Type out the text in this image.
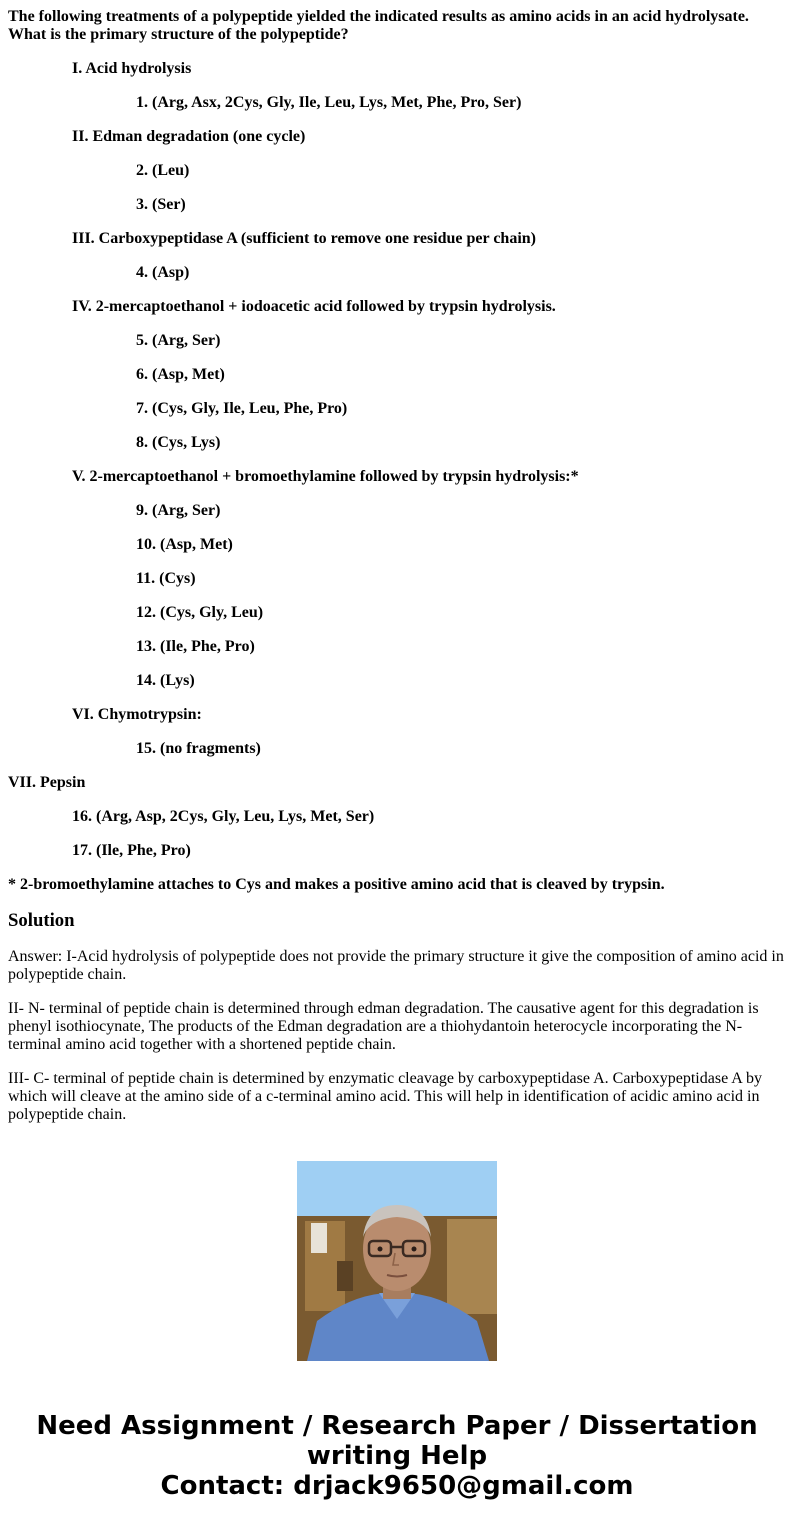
The following treatments of a polypeptide yielded the indicated results as amino acids in an acid hydrolysate. What is the primary structure of the polypeptide?
I. Acid hydrolysis
1. (Arg, Asx, 2Cys, Gly, Ile, Leu, Lys, Met, Phe, Pro, Ser)
II. Edman degradation (one cycle)
2. (Leu)
3. (Ser)
III. Carboxypeptidase A (sufficient to remove one residue per chain)
4. (Asp)
IV. 2-mercaptoethanol + iodoacetic acid followed by trypsin hydrolysis.
5. (Arg, Ser)
6. (Asp, Met)
7. (Cys, Gly, Ile, Leu, Phe, Pro)
8. (Cys, Lys)
V. 2-mercaptoethanol + bromoethylamine followed by trypsin hydrolysis:*
9. (Arg, Ser)
10. (Asp, Met)
11. (Cys)
12. (Cys, Gly, Leu)
13. (Ile, Phe, Pro)
14. (Lys)
VI. Chymotrypsin:
15. (no fragments)
VII. Pepsin
16. (Arg, Asp, 2Cys, Gly, Leu, Lys, Met, Ser)
17. (Ile, Phe, Pro)
* 2-bromoethylamine attaches to Cys and makes a positive amino acid that is cleaved by trypsin.
Solution

Answer: I-Acid hydrolysis of polypeptide does not provide the primary structure it give the composition of amino acid in polypeptide chain.

II- N- terminal of peptide chain is determined through edman degradation. The causative agent for this degradation is phenyl isothiocynate, The products of the Edman degradation are a thiohydantoin heterocycle incorporating the N-terminal amino acid together with a shortened peptide chain.

III- C- terminal of peptide chain is determined by enzymatic cleavage by carboxypeptidase A. Carboxypeptidase A by which will cleave at the amino side of a c-terminal amino acid. This will help in identification of acidic amino acid in polypeptide chain.

Need Assignment / Research Paper / Dissertation
writing Help
Contact: drjack9650@gmail.com
